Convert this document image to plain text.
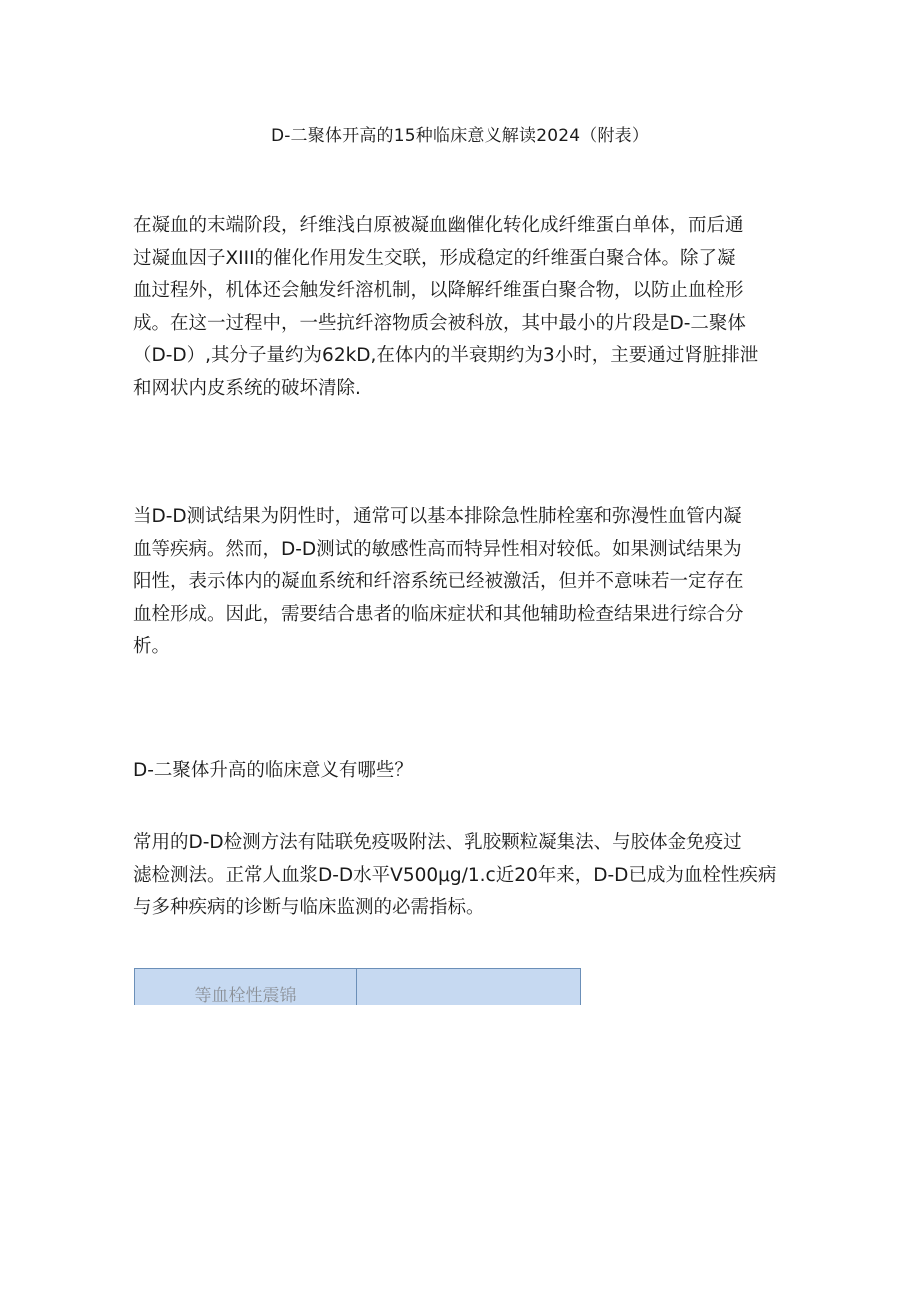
D-二聚体开高的15种临床意义解读2024（附表）
在凝血的末端阶段，纤维浅白原被凝血幽催化转化成纤维蛋白单体，而后通
过凝血因子XIII的催化作用发生交联，形成稳定的纤维蛋白聚合体。除了凝
血过程外，机体还会触发纤溶机制，以降解纤维蛋白聚合物，以防止血栓形
成。在这一过程中，一些抗纤溶物质会被科放，其中最小的片段是D-二聚体
（D-D）,其分子量约为62kD,在体内的半衰期约为3小时，主要通过肾脏排泄
和网状内皮系统的破坏清除.
当D-D测试结果为阴性时，通常可以基本排除急性肺栓塞和弥漫性血管内凝
血等疾病。然而，D-D测试的敏感性高而特异性相对较低。如果测试结果为
阳性，表示体内的凝血系统和纤溶系统已经被激活，但并不意味若一定存在
血栓形成。因此，需要结合患者的临床症状和其他辅助检查结果进行综合分
析。
D-二聚体升高的临床意义有哪些？
常用的D-D检测方法有陆联免疫吸附法、乳胶颗粒凝集法、与胶体金免疫过
滤检测法。正常人血浆D-D水平V500μg∕1.c近20年来，D-D已成为血栓性疾病
与多种疾病的诊断与临床监测的必需指标。
等血栓性震锦
